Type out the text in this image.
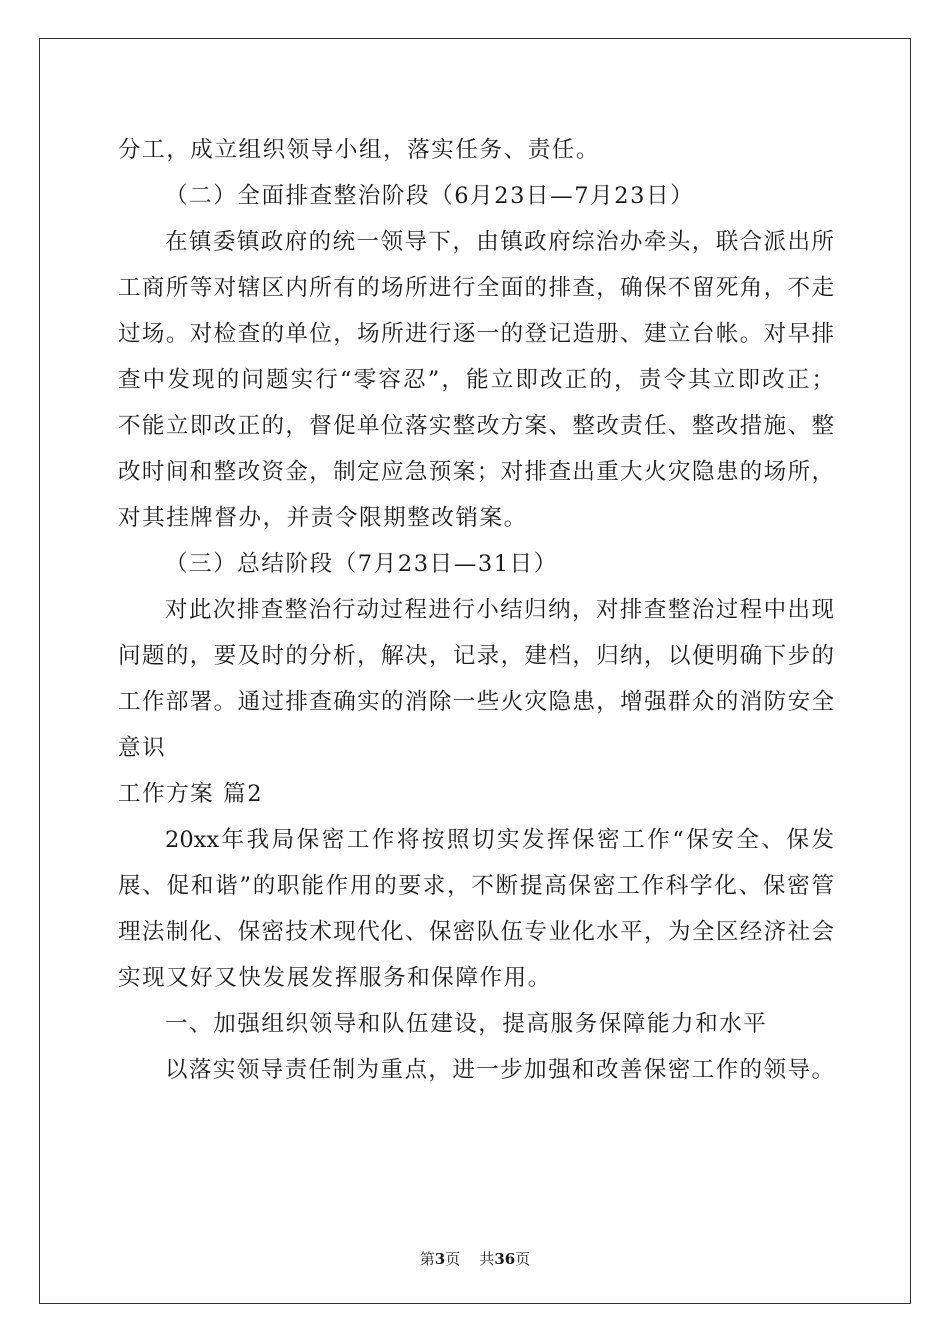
分工，成立组织领导小组，落实任务、责任。
（二）全面排查整治阶段（6月23日—7月23日）
在镇委镇政府的统一领导下，由镇政府综治办牵头，联合派出所
工商所等对辖区内所有的场所进行全面的排查，确保不留死角，不走
过场。对检查的单位，场所进行逐一的登记造册、建立台帐。对早排
查中发现的问题实行“零容忍”，能立即改正的，责令其立即改正；
不能立即改正的，督促单位落实整改方案、整改责任、整改措施、整
改时间和整改资金，制定应急预案；对排查出重大火灾隐患的场所，
对其挂牌督办，并责令限期整改销案。
（三）总结阶段（7月23日—31日）
对此次排查整治行动过程进行小结归纳，对排查整治过程中出现
问题的，要及时的分析，解决，记录，建档，归纳，以便明确下步的
工作部署。通过排查确实的消除一些火灾隐患，增强群众的消防安全
意识
工作方案 篇2
20xx年我局保密工作将按照切实发挥保密工作“保安全、保发
展、促和谐”的职能作用的要求，不断提高保密工作科学化、保密管
理法制化、保密技术现代化、保密队伍专业化水平，为全区经济社会
实现又好又快发展发挥服务和保障作用。
一、加强组织领导和队伍建设，提高服务保障能力和水平
以落实领导责任制为重点，进一步加强和改善保密工作的领导。
第3页 共36页
